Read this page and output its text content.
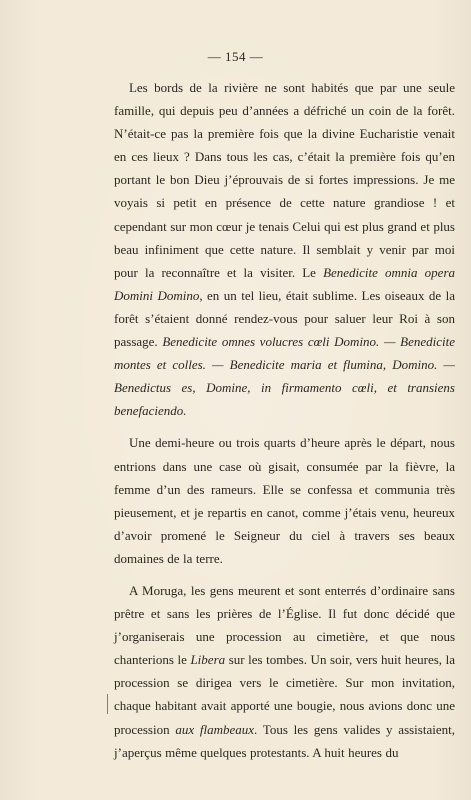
— 154 —

Les bords de la rivière ne sont habités que par une seule famille, qui depuis peu d’années a défriché un coin de la forêt. N’était-ce pas la première fois que la divine Eucharistie venait en ces lieux ? Dans tous les cas, c’était la première fois qu’en portant le bon Dieu j’éprouvais de si fortes impressions. Je me voyais si petit en présence de cette nature grandiose ! et cependant sur mon cœur je tenais Celui qui est plus grand et plus beau infiniment que cette nature. Il semblait y venir par moi pour la reconnaître et la visiter. Le Benedicite omnia opera Domini Domino, en un tel lieu, était sublime. Les oiseaux de la forêt s’étaient donné rendez-vous pour saluer leur Roi à son passage. Benedicite omnes volucres cœli Domino. — Benedicite montes et colles. — Benedicite maria et flumina, Domino. — Benedictus es, Domine, in firmamento cœli, et transiens benefaciendo.

Une demi-heure ou trois quarts d’heure après le départ, nous entrions dans une case où gisait, consumée par la fièvre, la femme d’un des rameurs. Elle se confessa et communia très pieusement, et je repartis en canot, comme j’étais venu, heureux d’avoir promené le Seigneur du ciel à travers ses beaux domaines de la terre.

A Moruga, les gens meurent et sont enterrés d’ordinaire sans prêtre et sans les prières de l’Église. Il fut donc décidé que j’organiserais une procession au cimetière, et que nous chanterions le Libera sur les tombes. Un soir, vers huit heures, la procession se dirigea vers le cimetière. Sur mon invitation, chaque habitant avait apporté une bougie, nous avions donc une procession aux flambeaux. Tous les gens valides y assistaient, j’aperçus même quelques protestants. A huit heures du
